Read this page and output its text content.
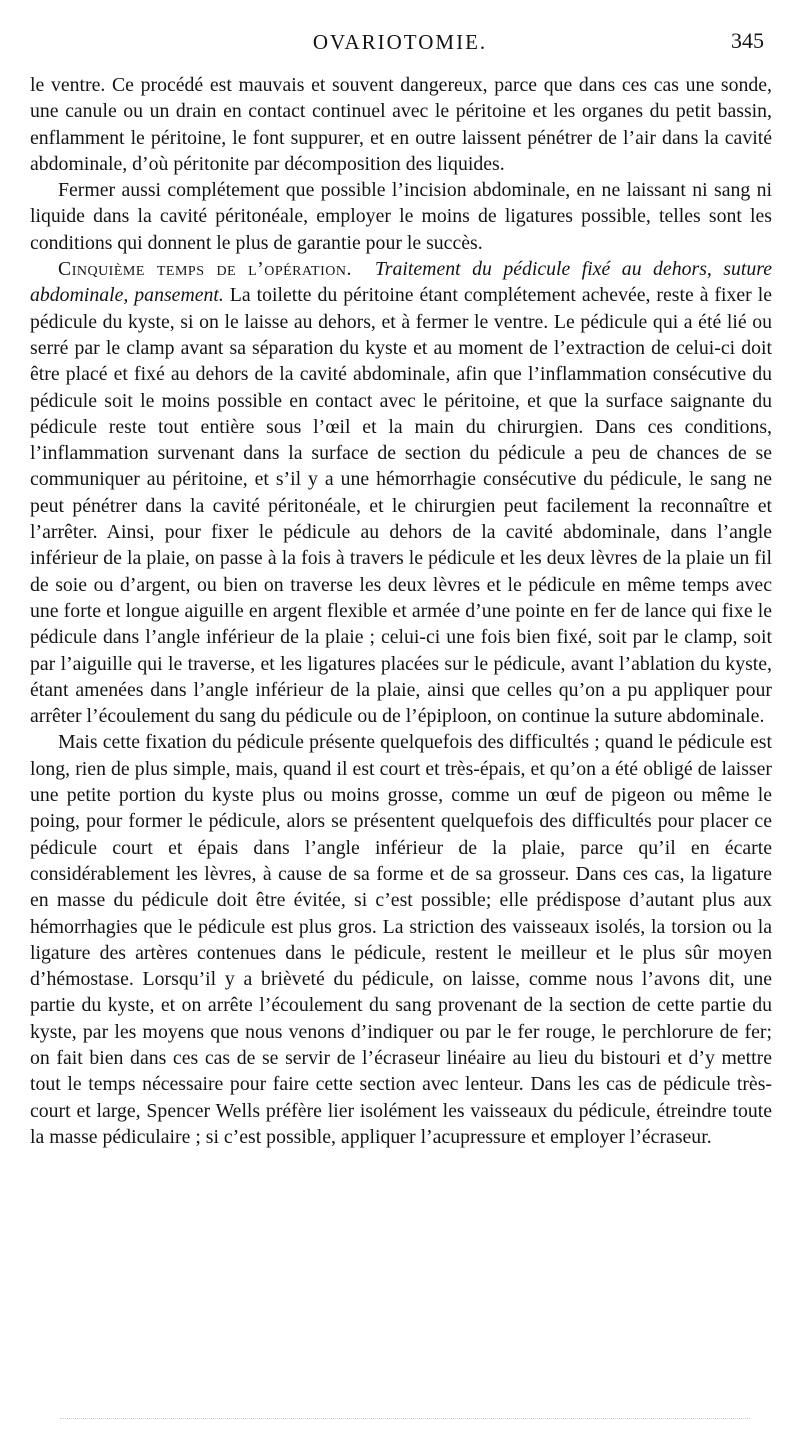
OVARIOTOMIE.	345

le ventre. Ce procédé est mauvais et souvent dangereux, parce que dans ces cas une sonde, une canule ou un drain en contact continuel avec le péritoine et les organes du petit bassin, enflamment le péritoine, le font suppurer, et en outre laissent pénétrer de l’air dans la cavité abdominale, d’où péritonite par décomposition des liquides.

Fermer aussi complétement que possible l’incision abdominale, en ne laissant ni sang ni liquide dans la cavité péritonéale, employer le moins de ligatures possible, telles sont les conditions qui donnent le plus de garantie pour le succès.

Cinquième temps de l’opération. Traitement du pédicule fixé au dehors, suture abdominale, pansement. La toilette du péritoine étant complétement achevée, reste à fixer le pédicule du kyste, si on le laisse au dehors, et à fermer le ventre. Le pédicule qui a été lié ou serré par le clamp avant sa séparation du kyste et au moment de l’extraction de celui-ci doit être placé et fixé au dehors de la cavité abdominale, afin que l’inflammation consécutive du pédicule soit le moins possible en contact avec le péritoine, et que la surface saignante du pédicule reste tout entière sous l’œil et la main du chirurgien. Dans ces conditions, l’inflammation survenant dans la surface de section du pédicule a peu de chances de se communiquer au péritoine, et s’il y a une hémorrhagie consécutive du pédicule, le sang ne peut pénétrer dans la cavité péritonéale, et le chirurgien peut facilement la reconnaître et l’arrêter. Ainsi, pour fixer le pédicule au dehors de la cavité abdominale, dans l’angle inférieur de la plaie, on passe à la fois à travers le pédicule et les deux lèvres de la plaie un fil de soie ou d’argent, ou bien on traverse les deux lèvres et le pédicule en même temps avec une forte et longue aiguille en argent flexible et armée d’une pointe en fer de lance qui fixe le pédicule dans l’angle inférieur de la plaie ; celui-ci une fois bien fixé, soit par le clamp, soit par l’aiguille qui le traverse, et les ligatures placées sur le pédicule, avant l’ablation du kyste, étant amenées dans l’angle inférieur de la plaie, ainsi que celles qu’on a pu appliquer pour arrêter l’écoulement du sang du pédicule ou de l’épiploon, on continue la suture abdominale.

Mais cette fixation du pédicule présente quelquefois des difficultés ; quand le pédicule est long, rien de plus simple, mais, quand il est court et très-épais, et qu’on a été obligé de laisser une petite portion du kyste plus ou moins grosse, comme un œuf de pigeon ou même le poing, pour former le pédicule, alors se présentent quelquefois des difficultés pour placer ce pédicule court et épais dans l’angle inférieur de la plaie, parce qu’il en écarte considérablement les lèvres, à cause de sa forme et de sa grosseur. Dans ces cas, la ligature en masse du pédicule doit être évitée, si c’est possible; elle prédispose d’autant plus aux hémorrhagies que le pédicule est plus gros. La striction des vaisseaux isolés, la torsion ou la ligature des artères contenues dans le pédicule, restent le meilleur et le plus sûr moyen d’hémostase. Lorsqu’il y a brièveté du pédicule, on laisse, comme nous l’avons dit, une partie du kyste, et on arrête l’écoulement du sang provenant de la section de cette partie du kyste, par les moyens que nous venons d’indiquer ou par le fer rouge, le perchlorure de fer; on fait bien dans ces cas de se servir de l’écraseur linéaire au lieu du bistouri et d’y mettre tout le temps nécessaire pour faire cette section avec lenteur. Dans les cas de pédicule très-court et large, Spencer Wells préfère lier isolément les vaisseaux du pédicule, étreindre toute la masse pédiculaire ; si c’est possible, appliquer l’acupressure et employer l’écraseur.
